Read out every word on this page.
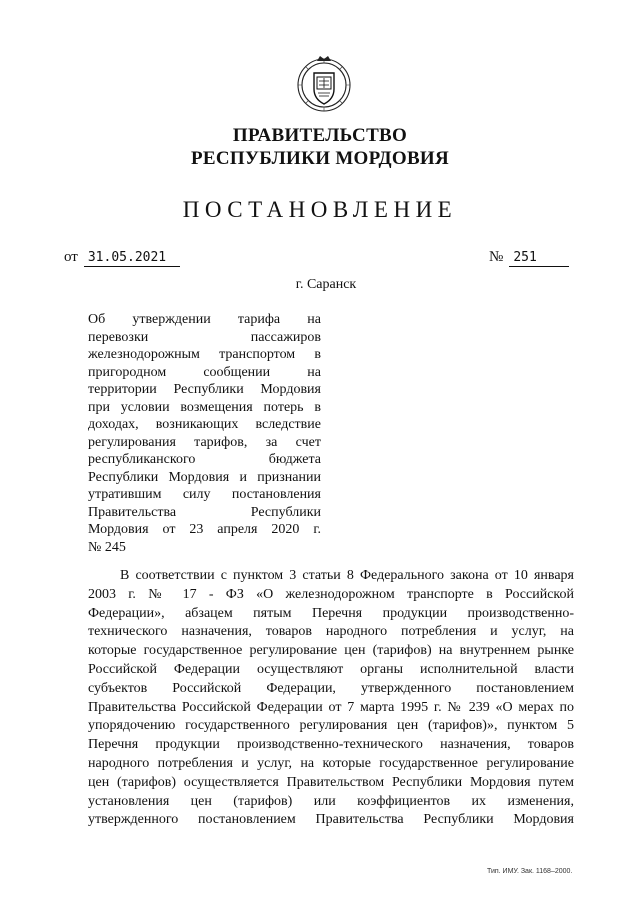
ПРАВИТЕЛЬСТВО
РЕСПУБЛИКИ МОРДОВИЯ
ПОСТАНОВЛЕНИЕ
от 31.05.2021	№ 251
г. Саранск
Об утверждении тарифа на
перевозки пассажиров
железнодорожным транспортом в
пригородном сообщении на
территории Республики Мордовия
при условии возмещения потерь в
доходах, возникающих вследствие
регулирования тарифов, за счет
республиканского бюджета
Республики Мордовия и признании
утратившим силу постановления
Правительства Республики
Мордовия от 23 апреля 2020 г.
№ 245
В соответствии с пунктом 3 статьи 8 Федерального закона от 10 января
2003 г. № 17 - ФЗ «О железнодорожном транспорте в Российской
Федерации», абзацем пятым Перечня продукции производственно-
технического назначения, товаров народного потребления и услуг, на
которые государственное регулирование цен (тарифов) на внутреннем рынке
Российской Федерации осуществляют органы исполнительной власти
субъектов Российской Федерации, утвержденного постановлением
Правительства Российской Федерации от 7 марта 1995 г. № 239 «О мерах по
упорядочению государственного регулирования цен (тарифов)», пунктом 5
Перечня продукции производственно-технического назначения, товаров
народного потребления и услуг, на которые государственное регулирование
цен (тарифов) осуществляется Правительством Республики Мордовия путем
установления цен (тарифов) или коэффициентов их изменения,
утвержденного постановлением Правительства Республики Мордовия
Тип. ИМУ. Зак. 1168–2000.
